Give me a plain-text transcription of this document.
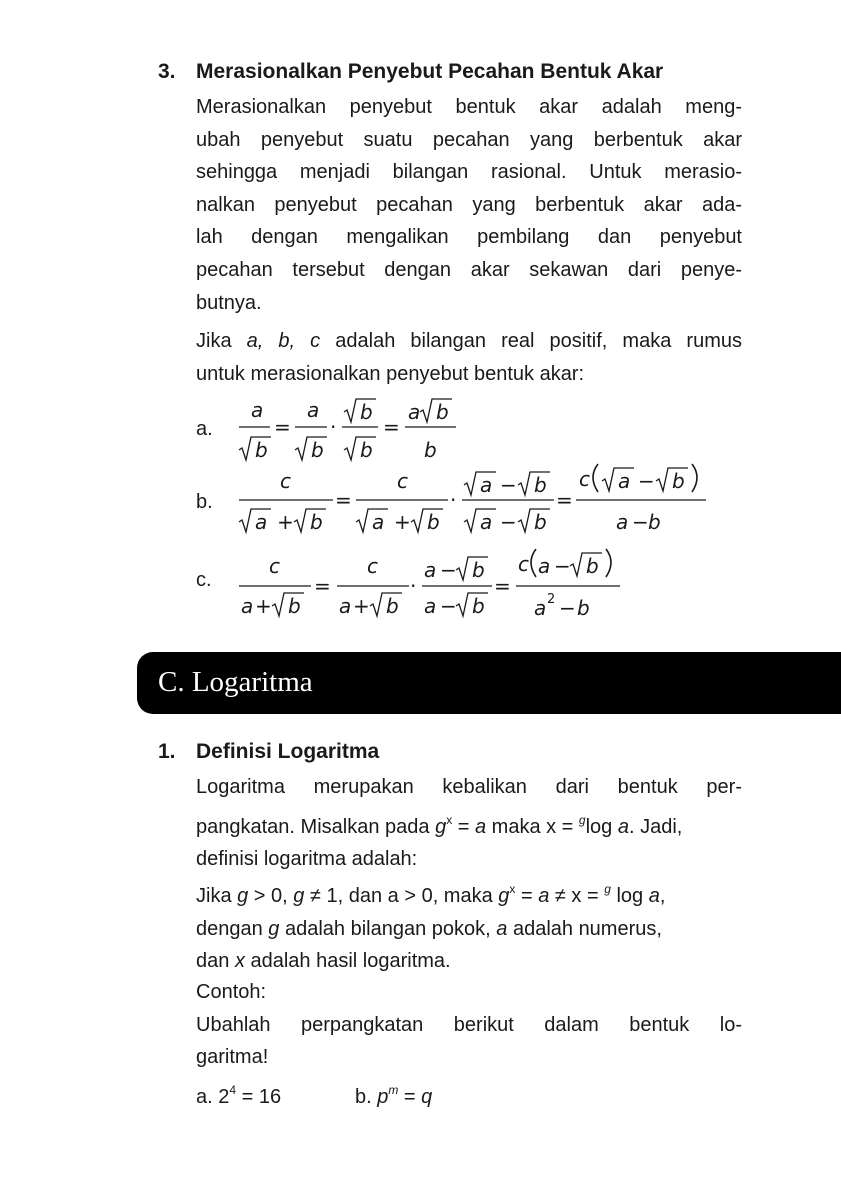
3. Merasionalkan Penyebut Pecahan Bentuk Akar
Merasionalkan penyebut bentuk akar adalah meng-
ubah penyebut suatu pecahan yang berbentuk akar
sehingga menjadi bilangan rasional. Untuk merasio-
nalkan penyebut pecahan yang berbentuk akar ada-
lah dengan mengalikan pembilang dan penyebut
pecahan tersebut dengan akar sekawan dari penye-
butnya.
Jika a, b, c adalah bilangan real positif, maka rumus
untuk merasionalkan penyebut bentuk akar:
a.
b.
c.
a
b
=
a
b
·
b
b
=
a b
b
c
a + b
=
c
a + b
·
a − b
a − b
=
c a − b
a − b
c
a + b
=
c
a + b
·
a − b
a − b
=
c a − b
a 2 − b
C. Logaritma
1. Definisi Logaritma
Logaritma merupakan kebalikan dari bentuk per-
pangkatan. Misalkan pada $g^x = a$ maka x = $^g$log a. Jadi,
definisi logaritma adalah:
Jika g > 0, g ≠ 1, dan a > 0, maka $g^x = a \ne x = ^g$ log a,
dengan g adalah bilangan pokok, a adalah numerus,
dan x adalah hasil logaritma.
Contoh:
Ubahlah perpangkatan berikut dalam bentuk lo-
garitma!
a. $2^4 = 16$	b. $p^m = q$
